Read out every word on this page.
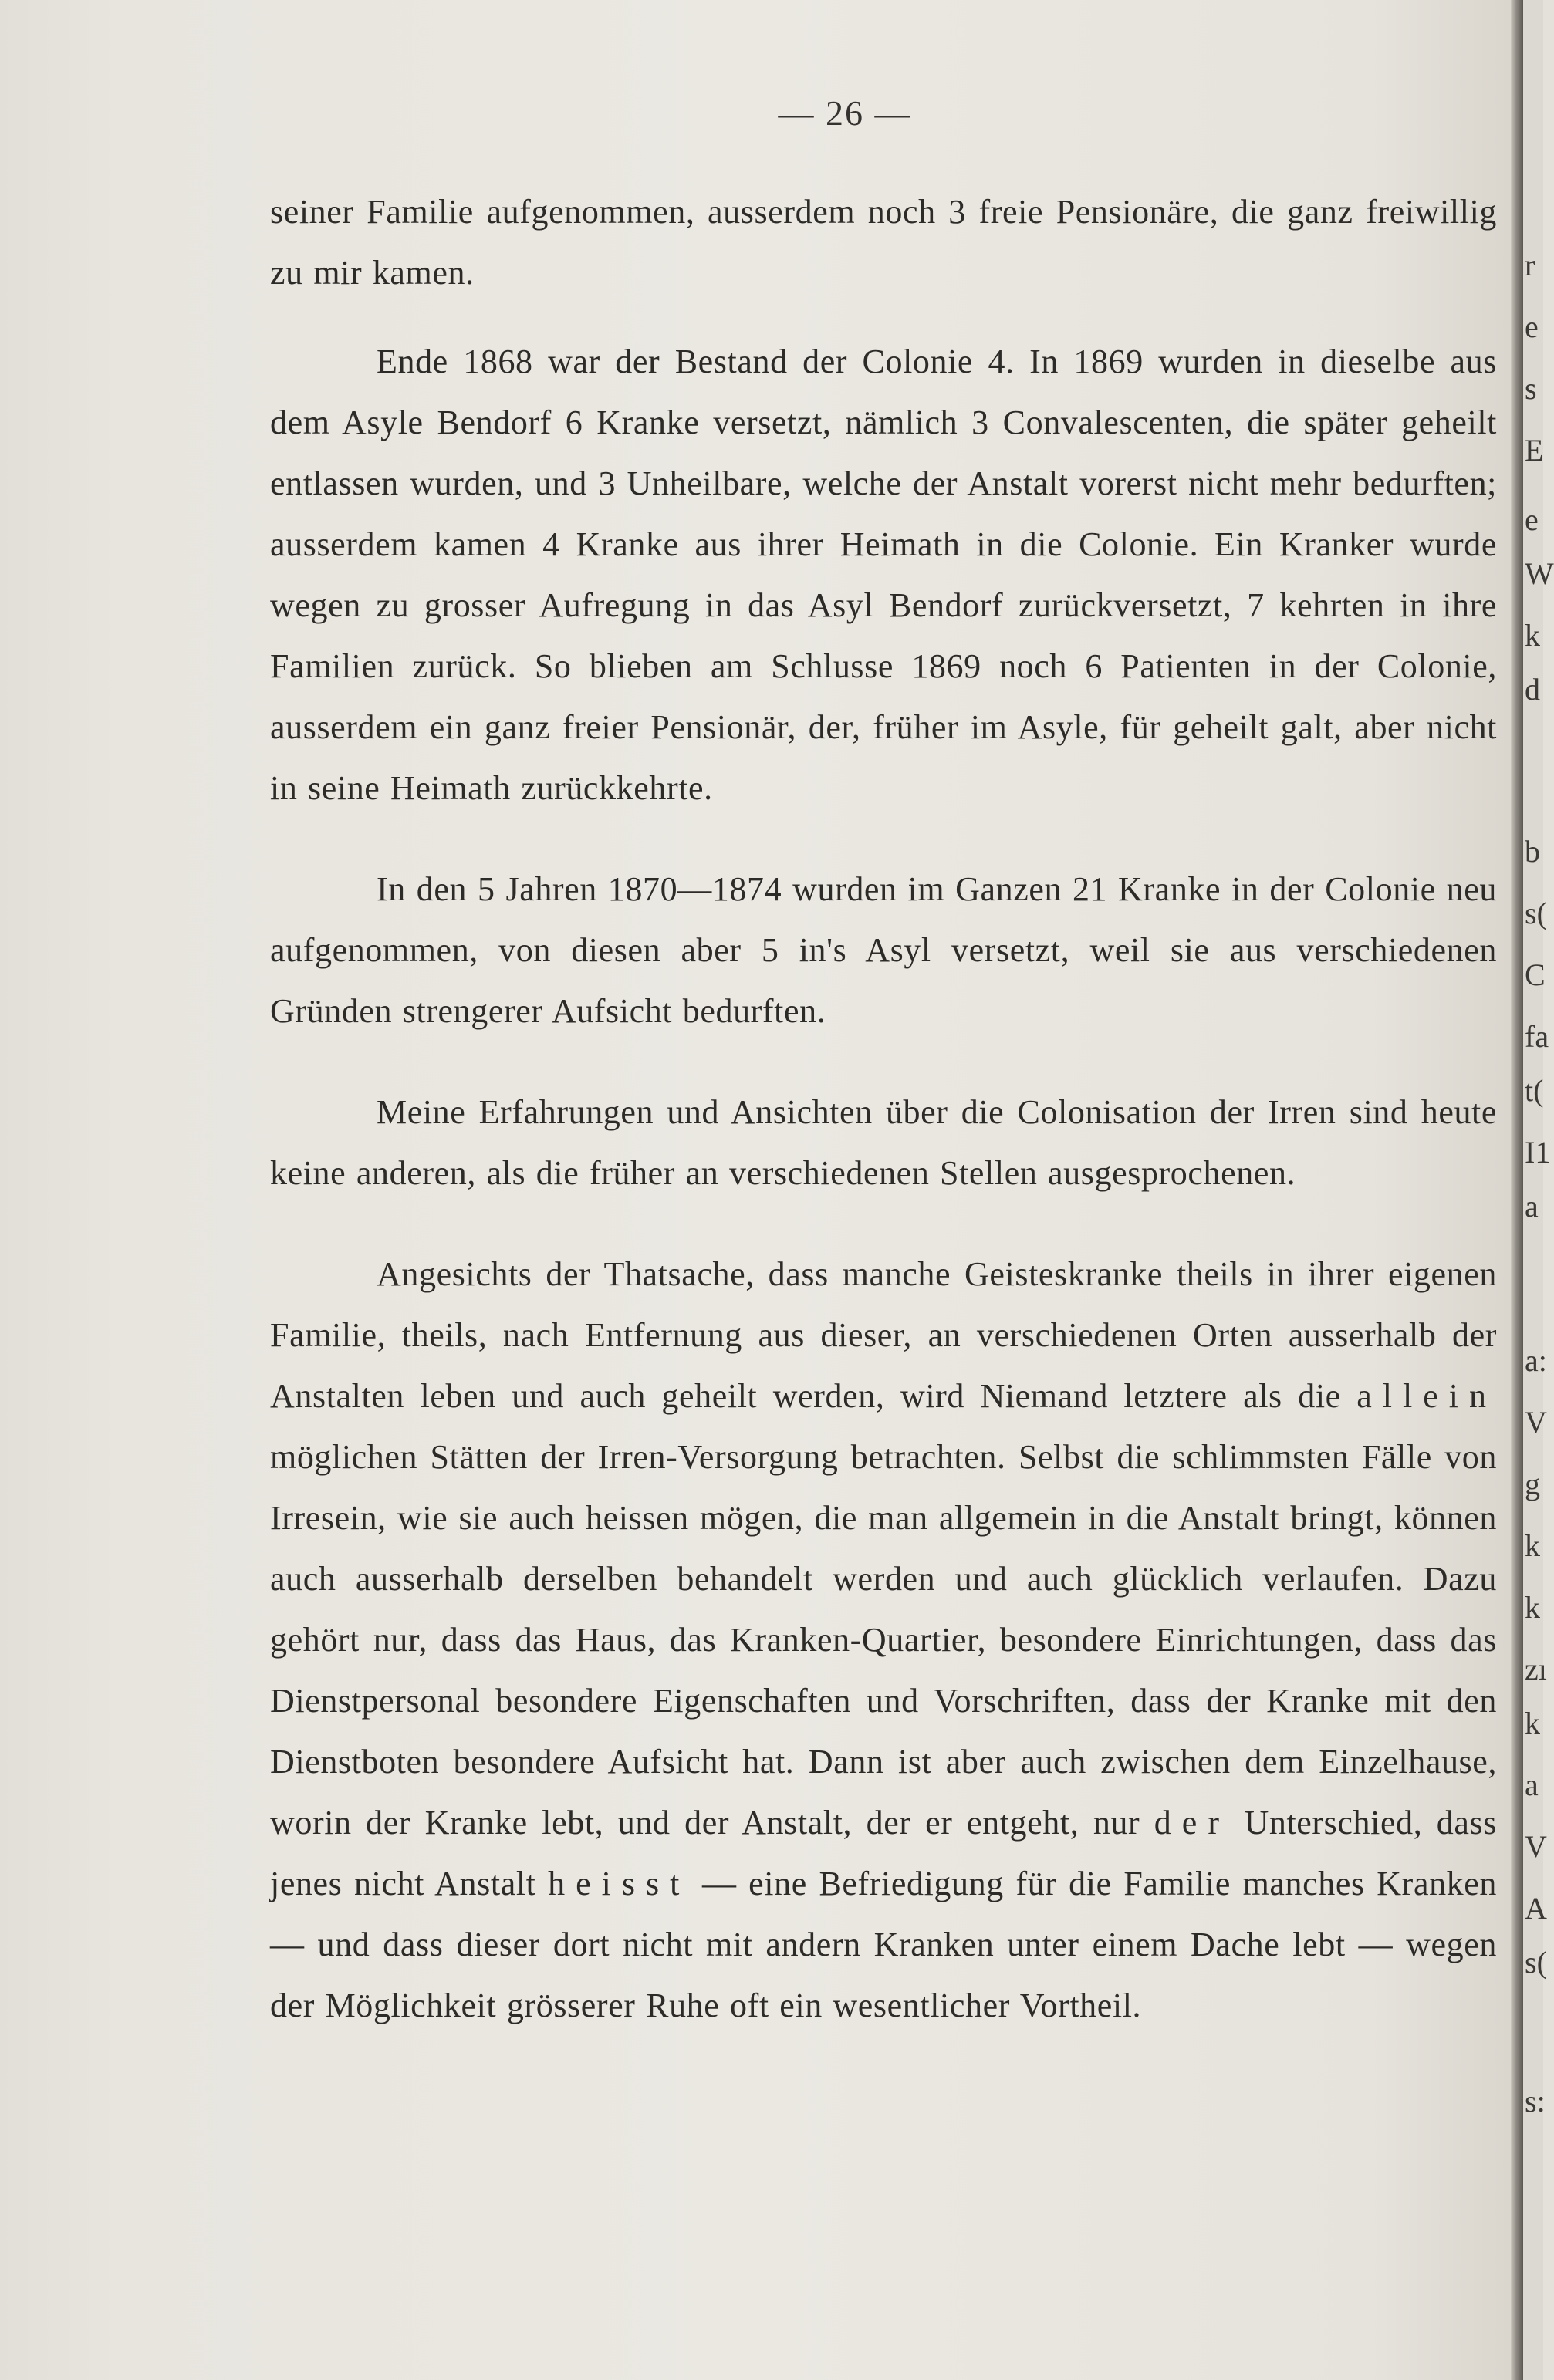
— 26 —

seiner Familie aufgenommen, ausserdem noch 3 freie Pensionäre, die ganz freiwillig zu mir kamen.

Ende 1868 war der Bestand der Colonie 4. In 1869 wurden in dieselbe aus dem Asyle Bendorf 6 Kranke versetzt, nämlich 3 Convalescenten, die später geheilt entlassen wurden, und 3 Unheilbare, welche der Anstalt vorerst nicht mehr bedurften; ausserdem kamen 4 Kranke aus ihrer Heimath in die Colonie. Ein Kranker wurde wegen zu grosser Aufregung in das Asyl Bendorf zurückversetzt, 7 kehrten in ihre Familien zurück. So blieben am Schlusse 1869 noch 6 Patienten in der Colonie, ausserdem ein ganz freier Pensionär, der, früher im Asyle, für geheilt galt, aber nicht in seine Heimath zurückkehrte.

In den 5 Jahren 1870—1874 wurden im Ganzen 21 Kranke in der Colonie neu aufgenommen, von diesen aber 5 in's Asyl versetzt, weil sie aus verschiedenen Gründen strengerer Aufsicht bedurften.

Meine Erfahrungen und Ansichten über die Colonisation der Irren sind heute keine anderen, als die früher an verschiedenen Stellen ausgesprochenen.

Angesichts der Thatsache, dass manche Geisteskranke theils in ihrer eigenen Familie, theils, nach Entfernung aus dieser, an verschiedenen Orten ausserhalb der Anstalten leben und auch geheilt werden, wird Niemand letztere als die allein möglichen Stätten der Irren-Versorgung betrachten. Selbst die schlimmsten Fälle von Irresein, wie sie auch heissen mögen, die man allgemein in die Anstalt bringt, können auch ausserhalb derselben behandelt werden und auch glücklich verlaufen. Dazu gehört nur, dass das Haus, das Kranken-Quartier, besondere Einrichtungen, dass das Dienstpersonal besondere Eigenschaften und Vorschriften, dass der Kranke mit den Dienstboten besondere Aufsicht hat. Dann ist aber auch zwischen dem Einzelhause, worin der Kranke lebt, und der Anstalt, der er entgeht, nur der Unterschied, dass jenes nicht Anstalt heisst — eine Befriedigung für die Familie manches Kranken — und dass dieser dort nicht mit andern Kranken unter einem Dache lebt — wegen der Möglichkeit grösserer Ruhe oft ein wesentlicher Vortheil.

r
e
s
E
e
W
k
d
b
s(
C
fa
t(
I1
a
a:
V
g
k
k
zı
k
a
V
A
s(
s:
